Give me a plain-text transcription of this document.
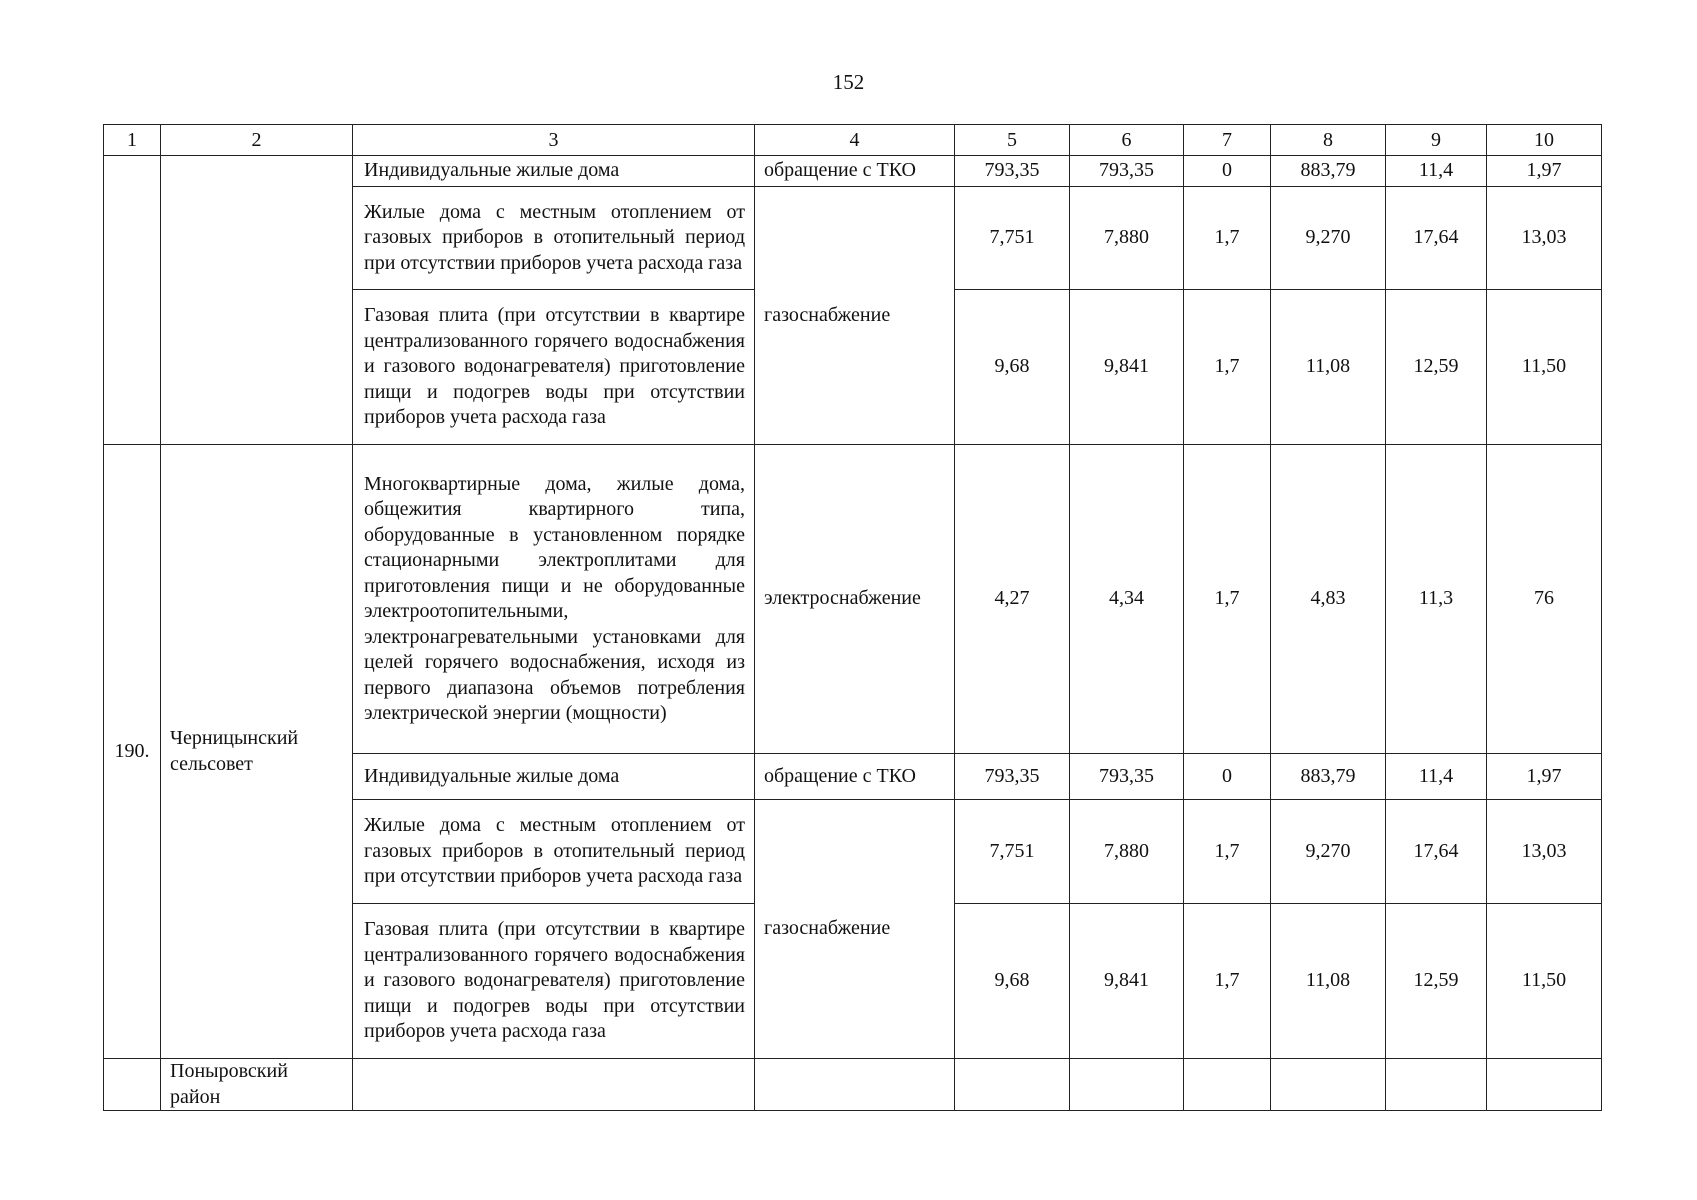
152
1	2	3	4	5	6	7	8	9	10
		Индивидуальные жилые дома	обращение с ТКО	793,35	793,35	0	883,79	11,4	1,97
		Жилые дома с местным отоплением от газовых приборов в отопительный период при отсутствии приборов учета расхода газа	газоснабжение	7,751	7,880	1,7	9,270	17,64	13,03
		Газовая плита (при отсутствии в квартире централизованного горячего водоснабжения и газового водонагревателя) приготовление пищи и подогрев воды при отсутствии приборов учета расхода газа		9,68	9,841	1,7	11,08	12,59	11,50
190.	Черницынский сельсовет	Многоквартирные дома, жилые дома, общежития квартирного типа, оборудованные в установленном порядке стационарными электроплитами для приготовления пищи и не оборудованные электроотопительными, электронагревательными установками для целей горячего водоснабжения, исходя из первого диапазона объемов потребления электрической энергии (мощности)	электроснабжение	4,27	4,34	1,7	4,83	11,3	76
		Индивидуальные жилые дома	обращение с ТКО	793,35	793,35	0	883,79	11,4	1,97
		Жилые дома с местным отоплением от газовых приборов в отопительный период при отсутствии приборов учета расхода газа	газоснабжение	7,751	7,880	1,7	9,270	17,64	13,03
		Газовая плита (при отсутствии в квартире централизованного горячего водоснабжения и газового водонагревателя) приготовление пищи и подогрев воды при отсутствии приборов учета расхода газа		9,68	9,841	1,7	11,08	12,59	11,50
	Поныровский район								
